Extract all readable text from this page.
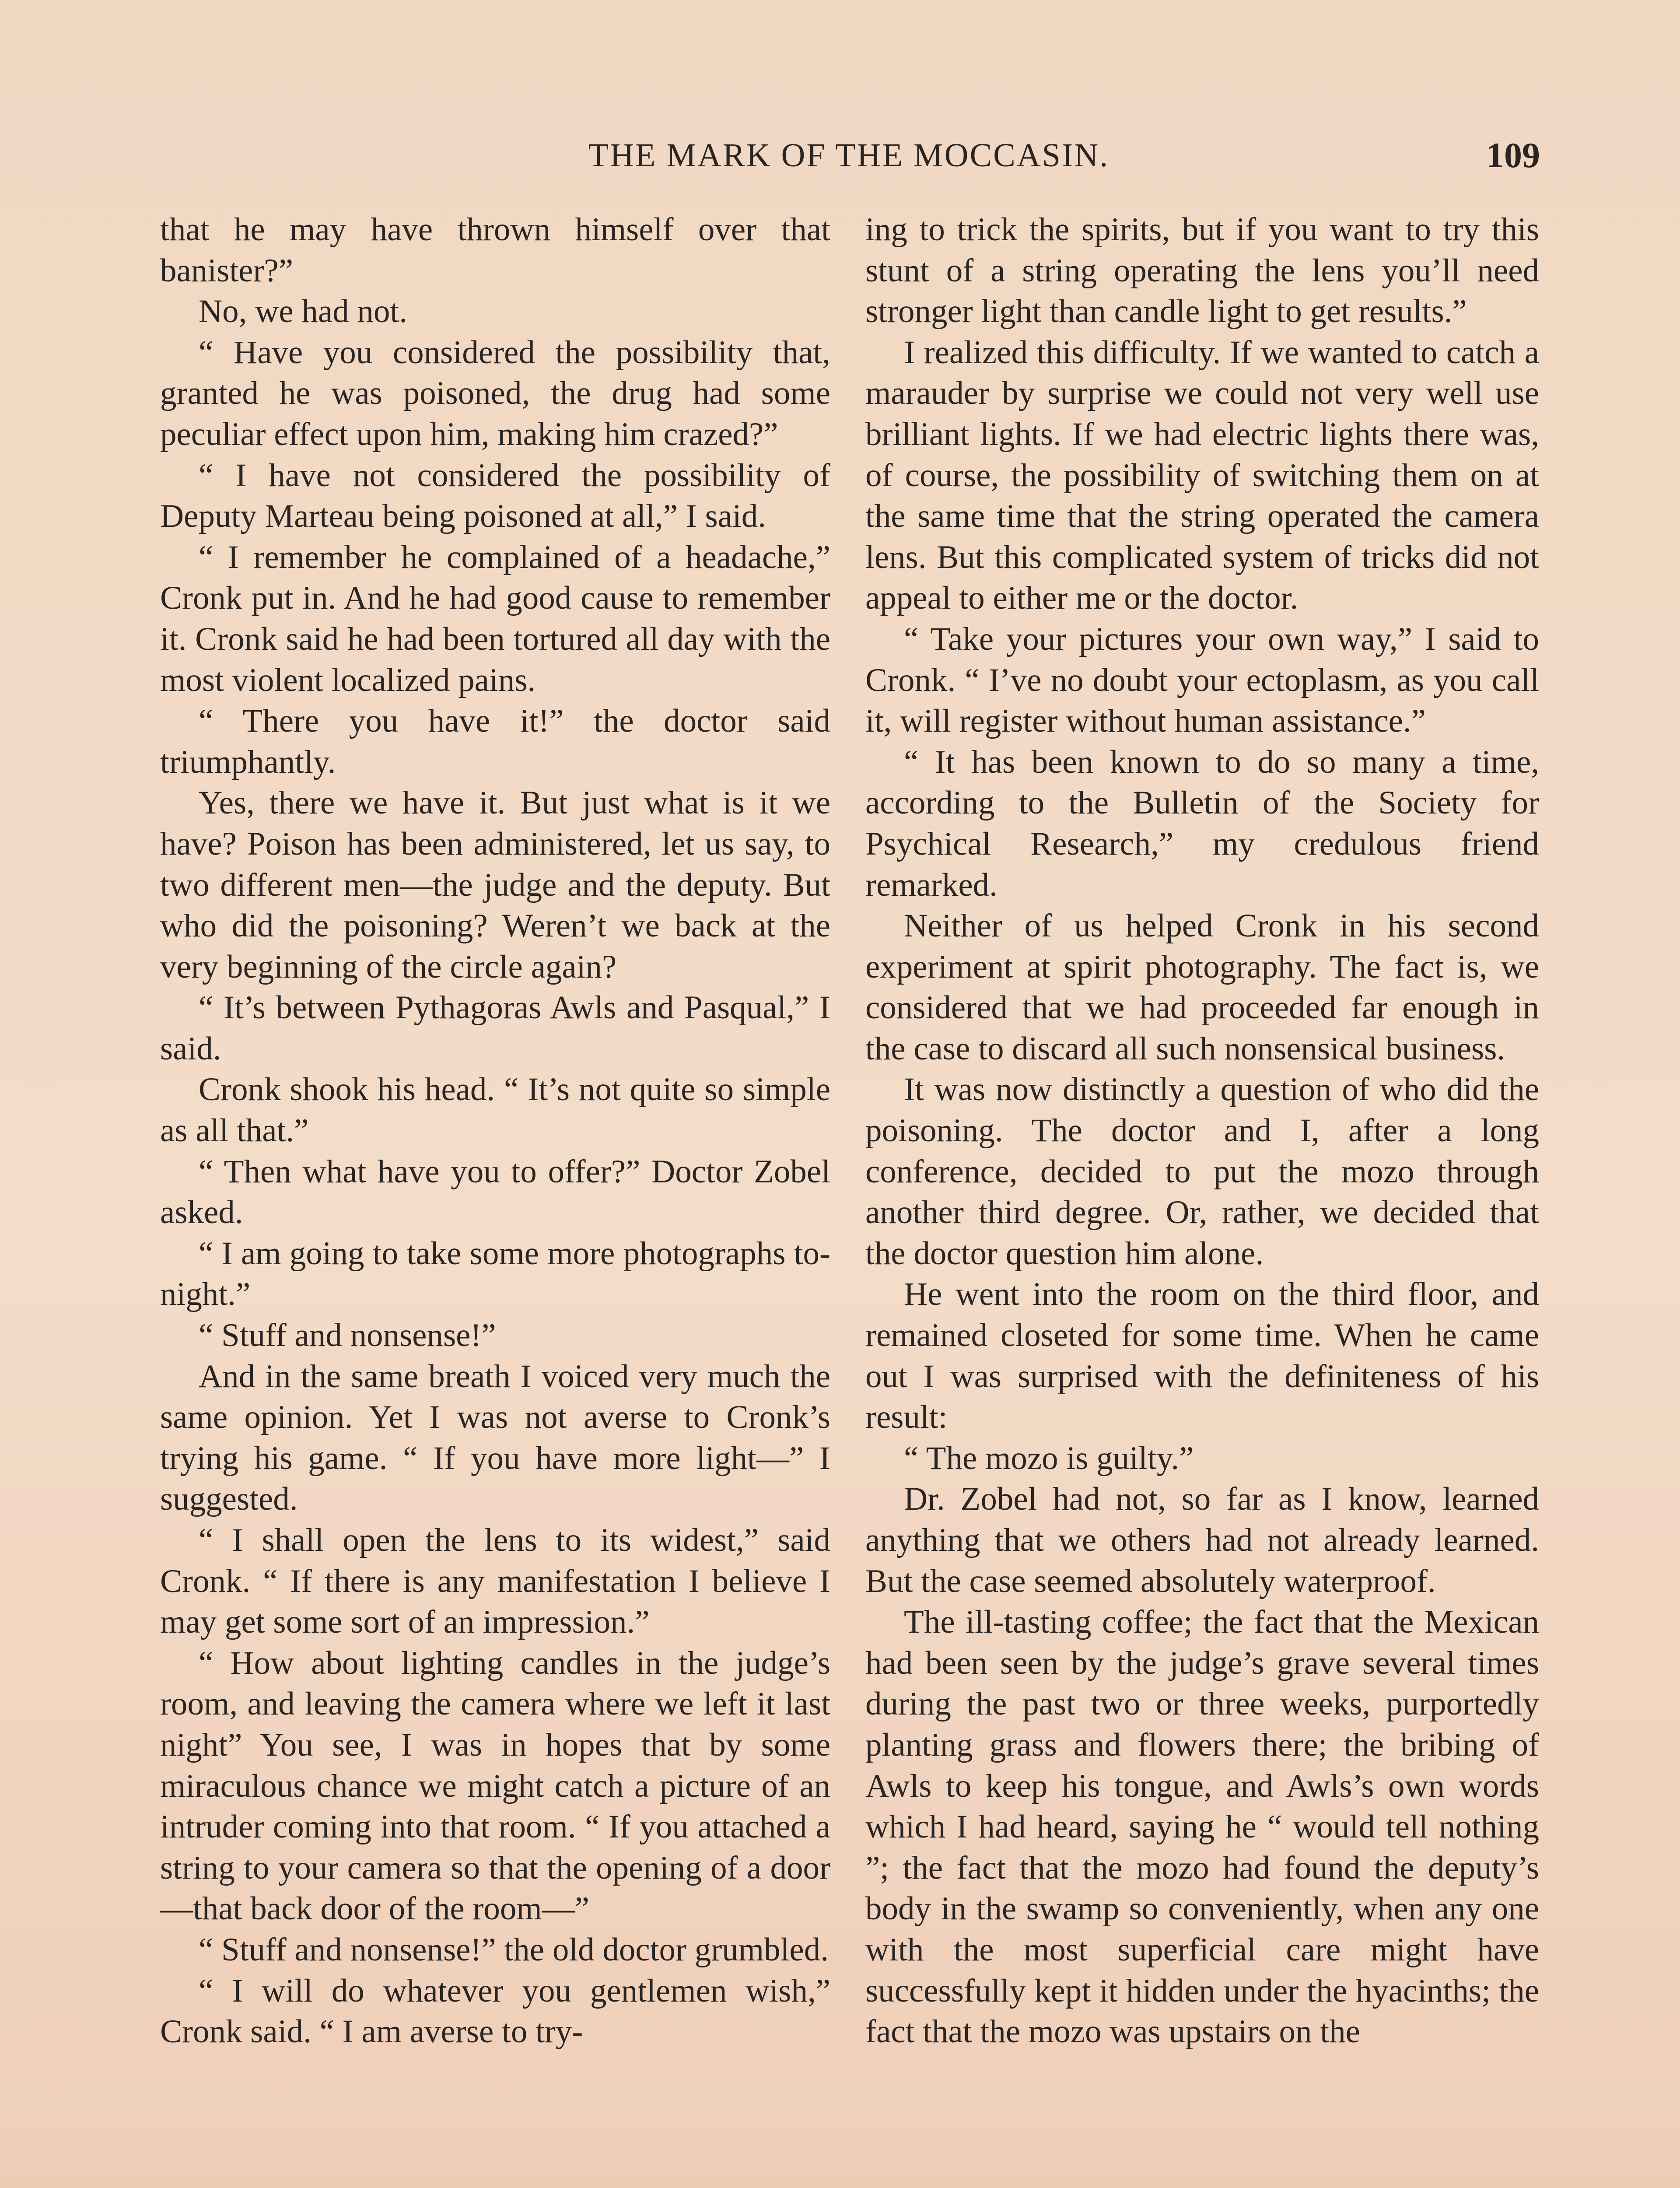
THE MARK OF THE MOCCASIN.	109

that he may have thrown himself over that banister?”

No, we had not.

“ Have you considered the possibility that, granted he was poisoned, the drug had some peculiar effect upon him, making him crazed?”

“ I have not considered the possibility of Deputy Marteau being poisoned at all,” I said.

“ I remember he complained of a headache,” Cronk put in. And he had good cause to remember it. Cronk said he had been tortured all day with the most violent localized pains.

“ There you have it!” the doctor said triumphantly.

Yes, there we have it. But just what is it we have? Poison has been administered, let us say, to two different men—the judge and the deputy. But who did the poisoning? Weren’t we back at the very beginning of the circle again?

“ It’s between Pythagoras Awls and Pasqual,” I said.

Cronk shook his head. “ It’s not quite so simple as all that.”

“ Then what have you to offer?” Doctor Zobel asked.

“ I am going to take some more photographs to-night.”

“ Stuff and nonsense!”

And in the same breath I voiced very much the same opinion. Yet I was not averse to Cronk’s trying his game. “ If you have more light—” I suggested.

“ I shall open the lens to its widest,” said Cronk. “ If there is any manifestation I believe I may get some sort of an impression.”

“ How about lighting candles in the judge’s room, and leaving the camera where we left it last night” You see, I was in hopes that by some miraculous chance we might catch a picture of an intruder coming into that room. “ If you attached a string to your camera so that the opening of a door—that back door of the room—”

“ Stuff and nonsense!” the old doctor grumbled.

“ I will do whatever you gentlemen wish,” Cronk said. “ I am averse to try-

ing to trick the spirits, but if you want to try this stunt of a string operating the lens you’ll need stronger light than candle light to get results.”

I realized this difficulty. If we wanted to catch a marauder by surprise we could not very well use brilliant lights. If we had electric lights there was, of course, the possibility of switching them on at the same time that the string operated the camera lens. But this complicated system of tricks did not appeal to either me or the doctor.

“ Take your pictures your own way,” I said to Cronk. “ I’ve no doubt your ectoplasm, as you call it, will register without human assistance.”

“ It has been known to do so many a time, according to the Bulletin of the Society for Psychical Research,” my credulous friend remarked.

Neither of us helped Cronk in his second experiment at spirit photography. The fact is, we considered that we had proceeded far enough in the case to discard all such nonsensical business.

It was now distinctly a question of who did the poisoning. The doctor and I, after a long conference, decided to put the mozo through another third degree. Or, rather, we decided that the doctor question him alone.

He went into the room on the third floor, and remained closeted for some time. When he came out I was surprised with the definiteness of his result:

“ The mozo is guilty.”

Dr. Zobel had not, so far as I know, learned anything that we others had not already learned. But the case seemed absolutely waterproof.

The ill-tasting coffee; the fact that the Mexican had been seen by the judge’s grave several times during the past two or three weeks, purportedly planting grass and flowers there; the bribing of Awls to keep his tongue, and Awls’s own words which I had heard, saying he “ would tell nothing ”; the fact that the mozo had found the deputy’s body in the swamp so conveniently, when any one with the most superficial care might have successfully kept it hidden under the hyacinths; the fact that the mozo was upstairs on the
